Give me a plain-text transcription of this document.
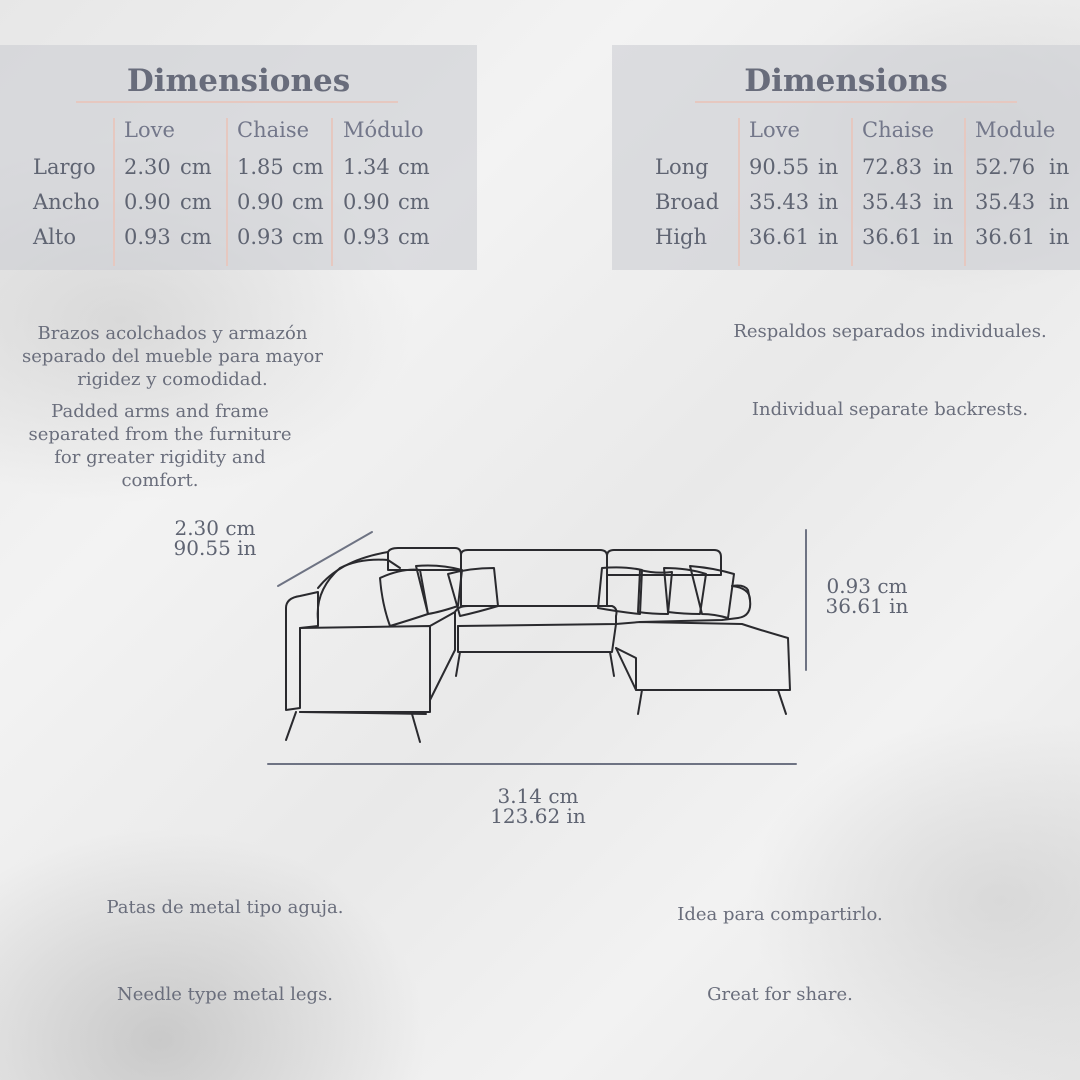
Dimensiones
Love	Chaise Módulo
Largo 2.30 cm 1.85 cm 1.34 cm
Ancho 0.90 cm 0.90 cm 0.90 cm
Alto 0.93 cm 0.93 cm 0.93 cm
Dimensions
Love	Chaise Module
Long 90.55 in 72.83 in 52.76 in
Broad 35.43 in 35.43 in 35.43 in
High 36.61 in 36.61 in 36.61 in
Brazos acolchados y armazón separado del mueble para mayor rigidez y comodidad.
Padded arms and frame separated from the furniture for greater rigidity and comfort.
Respaldos separados individuales.
Individual separate backrests.
Patas de metal tipo aguja.
Needle type metal legs.
Idea para compartirlo.
Great for share.
2.30 cm
90.55 in
0.93 cm
36.61 in
3.14 cm
123.62 in
